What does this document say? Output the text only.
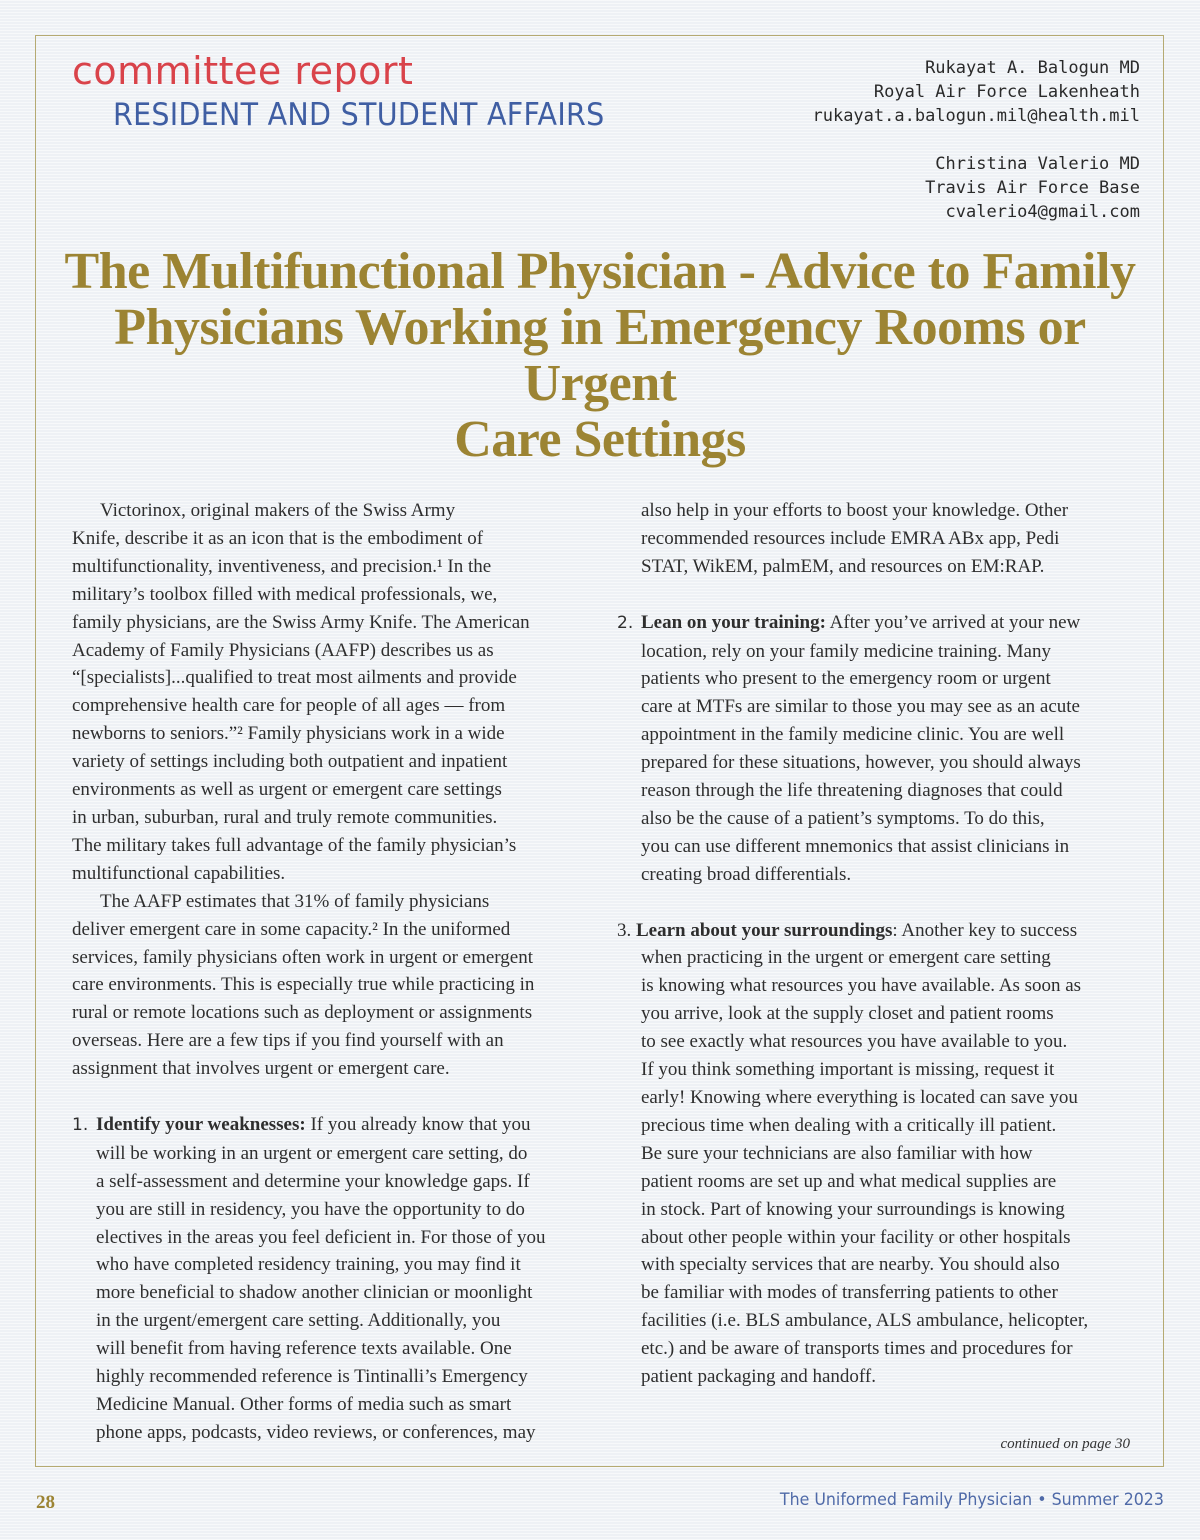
committee report
RESIDENT AND STUDENT AFFAIRS
Rukayat A. Balogun MD
Royal Air Force Lakenheath
rukayat.a.balogun.mil@health.mil
Christina Valerio MD
Travis Air Force Base
cvalerio4@gmail.com
The Multifunctional Physician - Advice to Family
Physicians Working in Emergency Rooms or Urgent
Care Settings

Victorinox, original makers of the Swiss Army

Knife, describe it as an icon that is the embodiment of

multifunctionality, inventiveness, and precision.¹ In the

military’s toolbox filled with medical professionals, we,

family physicians, are the Swiss Army Knife. The American

Academy of Family Physicians (AAFP) describes us as

“[specialists]...qualified to treat most ailments and provide

comprehensive health care for people of all ages — from

newborns to seniors.”² Family physicians work in a wide

variety of settings including both outpatient and inpatient

environments as well as urgent or emergent care settings

in urban, suburban, rural and truly remote communities.

The military takes full advantage of the family physician’s

multifunctional capabilities.

The AAFP estimates that 31% of family physicians

deliver emergent care in some capacity.² In the uniformed

services, family physicians often work in urgent or emergent

care environments. This is especially true while practicing in

rural or remote locations such as deployment or assignments

overseas. Here are a few tips if you find yourself with an

assignment that involves urgent or emergent care.

1. Identify your weaknesses: If you already know that you

will be working in an urgent or emergent care setting, do

a self-assessment and determine your knowledge gaps. If

you are still in residency, you have the opportunity to do

electives in the areas you feel deficient in. For those of you

who have completed residency training, you may find it

more beneficial to shadow another clinician or moonlight

in the urgent/emergent care setting. Additionally, you

will benefit from having reference texts available. One

highly recommended reference is Tintinalli’s Emergency

Medicine Manual. Other forms of media such as smart

phone apps, podcasts, video reviews, or conferences, may

also help in your efforts to boost your knowledge. Other

recommended resources include EMRA ABx app, Pedi

STAT, WikEM, palmEM, and resources on EM:RAP.

2. Lean on your training: After you’ve arrived at your new

location, rely on your family medicine training. Many

patients who present to the emergency room or urgent

care at MTFs are similar to those you may see as an acute

appointment in the family medicine clinic. You are well

prepared for these situations, however, you should always

reason through the life threatening diagnoses that could

also be the cause of a patient’s symptoms. To do this,

you can use different mnemonics that assist clinicians in

creating broad differentials.

3. Learn about your surroundings: Another key to success

when practicing in the urgent or emergent care setting

is knowing what resources you have available. As soon as

you arrive, look at the supply closet and patient rooms

to see exactly what resources you have available to you.

If you think something important is missing, request it

early! Knowing where everything is located can save you

precious time when dealing with a critically ill patient.

Be sure your technicians are also familiar with how

patient rooms are set up and what medical supplies are

in stock. Part of knowing your surroundings is knowing

about other people within your facility or other hospitals

with specialty services that are nearby. You should also

be familiar with modes of transferring patients to other

facilities (i.e. BLS ambulance, ALS ambulance, helicopter,

etc.) and be aware of transports times and procedures for

patient packaging and handoff.

continued on page 30
28	The Uniformed Family Physician • Summer 2023
